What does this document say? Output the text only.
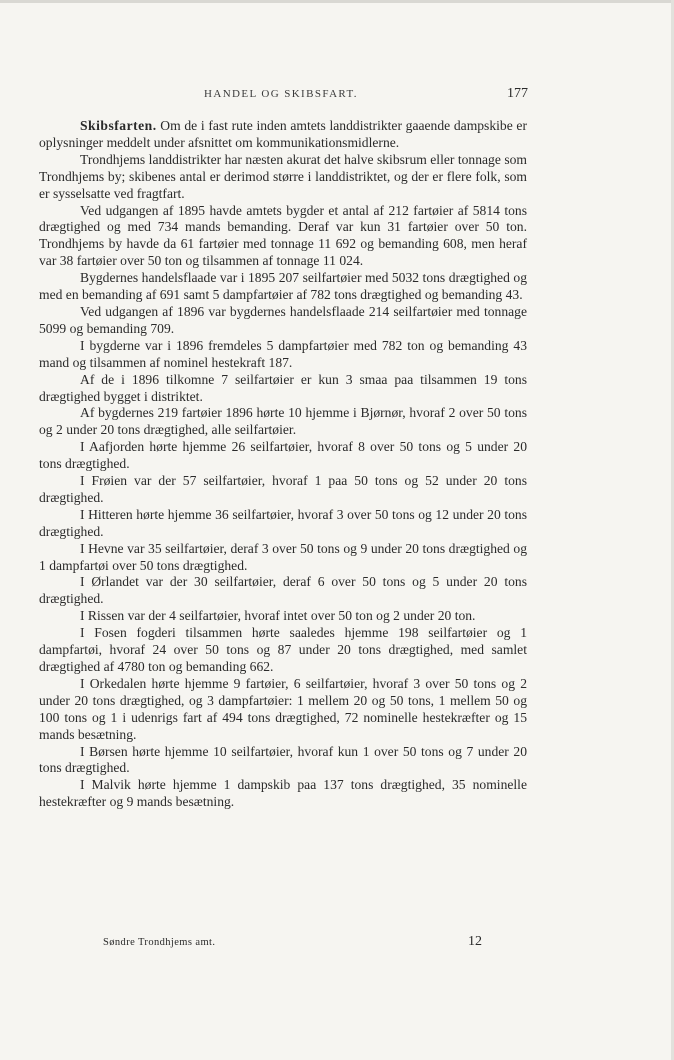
HANDEL OG SKIBSFART.	177

Skibsfarten. Om de i fast rute inden amtets landdistrikter gaaende dampskibe er oplysninger meddelt under afsnittet om kommunikationsmidlerne.

Trondhjems landdistrikter har næsten akurat det halve skibsrum eller tonnage som Trondhjems by; skibenes antal er derimod større i landdistriktet, og der er flere folk, som er sysselsatte ved fragtfart.

Ved udgangen af 1895 havde amtets bygder et antal af 212 fartøier af 5814 tons drægtighed og med 734 mands bemanding. Deraf var kun 31 fartøier over 50 ton. Trondhjems by havde da 61 fartøier med tonnage 11 692 og bemanding 608, men heraf var 38 fartøier over 50 ton og tilsammen af tonnage 11 024.

Bygdernes handelsflaade var i 1895 207 seilfartøier med 5032 tons drægtighed og med en bemanding af 691 samt 5 dampfartøier af 782 tons drægtighed og bemanding 43.

Ved udgangen af 1896 var bygdernes handelsflaade 214 seilfartøier med tonnage 5099 og bemanding 709.

I bygderne var i 1896 fremdeles 5 dampfartøier med 782 ton og bemanding 43 mand og tilsammen af nominel hestekraft 187.

Af de i 1896 tilkomne 7 seilfartøier er kun 3 smaa paa tilsammen 19 tons drægtighed bygget i distriktet.

Af bygdernes 219 fartøier 1896 hørte 10 hjemme i Bjørnør, hvoraf 2 over 50 tons og 2 under 20 tons drægtighed, alle seilfartøier.

I Aafjorden hørte hjemme 26 seilfartøier, hvoraf 8 over 50 tons og 5 under 20 tons drægtighed.

I Frøien var der 57 seilfartøier, hvoraf 1 paa 50 tons og 52 under 20 tons drægtighed.

I Hitteren hørte hjemme 36 seilfartøier, hvoraf 3 over 50 tons og 12 under 20 tons drægtighed.

I Hevne var 35 seilfartøier, deraf 3 over 50 tons og 9 under 20 tons drægtighed og 1 dampfartøi over 50 tons drægtighed.

I Ørlandet var der 30 seilfartøier, deraf 6 over 50 tons og 5 under 20 tons drægtighed.

I Rissen var der 4 seilfartøier, hvoraf intet over 50 ton og 2 under 20 ton.

I Fosen fogderi tilsammen hørte saaledes hjemme 198 seilfartøier og 1 dampfartøi, hvoraf 24 over 50 tons og 87 under 20 tons drægtighed, med samlet drægtighed af 4780 ton og bemanding 662.

I Orkedalen hørte hjemme 9 fartøier, 6 seilfartøier, hvoraf 3 over 50 tons og 2 under 20 tons drægtighed, og 3 dampfartøier: 1 mellem 20 og 50 tons, 1 mellem 50 og 100 tons og 1 i udenrigs fart af 494 tons drægtighed, 72 nominelle hestekræfter og 15 mands besætning.

I Børsen hørte hjemme 10 seilfartøier, hvoraf kun 1 over 50 tons og 7 under 20 tons drægtighed.

I Malvik hørte hjemme 1 dampskib paa 137 tons drægtighed, 35 nominelle hestekræfter og 9 mands besætning.

Søndre Trondhjems amt.	12
